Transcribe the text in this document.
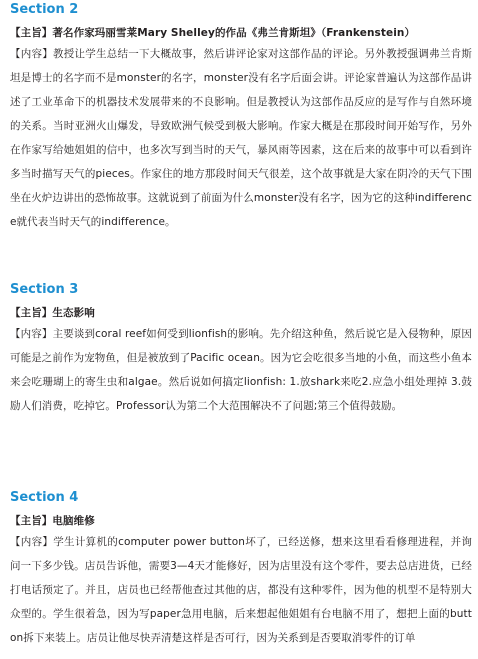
Section 2
【主旨】著名作家玛丽雪莱Mary Shelley的作品《弗兰肯斯坦》（Frankenstein）
【内容】教授让学生总结一下大概故事，然后讲评论家对这部作品的评论。另外教授强调弗兰肯斯坦是博士的名字而不是monster的名字，monster没有名字后面会讲。评论家普遍认为这部作品讲述了工业革命下的机器技术发展带来的不良影响。但是教授认为这部作品反应的是写作与自然环境的关系。当时亚洲火山爆发，导致欧洲气候受到极大影响。作家大概是在那段时间开始写作，另外在作家写给她姐姐的信中，也多次写到当时的天气，暴风雨等因素，这在后来的故事中可以看到许多当时描写天气的pieces。作家住的地方那段时间天气很差，这个故事就是大家在阴冷的天气下围坐在火炉边讲出的恐怖故事。这就说到了前面为什么monster没有名字，因为它的这种indifference就代表当时天气的indifference。
Section 3
【主旨】生态影响
【内容】主要谈到coral reef如何受到lionfish的影响。先介绍这种鱼，然后说它是入侵物种，原因可能是之前作为宠物鱼，但是被放到了Pacific ocean。因为它会吃很多当地的小鱼，而这些小鱼本来会吃珊瑚上的寄生虫和algae。然后说如何搞定lionfish: 1.放shark来吃2.应急小组处理掉 3.鼓励人们消费，吃掉它。Professor认为第二个大范围解决不了问题;第三个值得鼓励。
Section 4
【主旨】电脑维修
【内容】学生计算机的computer power button坏了，已经送修，想来这里看看修理进程，并询问一下多少钱。店员告诉他，需要3—4天才能修好，因为店里没有这个零件，要去总店进货，已经打电话预定了。并且，店员也已经帮他查过其他的店，都没有这种零件，因为他的机型不是特别大众型的。学生很着急，因为写paper急用电脑，后来想起他姐姐有台电脑不用了，想把上面的button拆下来装上。店员让他尽快弄清楚这样是否可行，因为关系到是否要取消零件的订单
